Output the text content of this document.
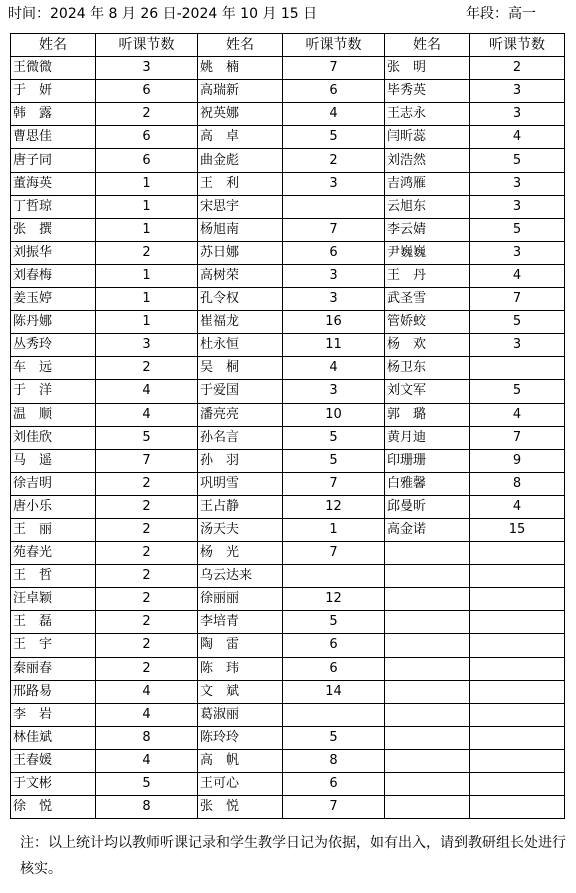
时间：2024 年 8 月 26 日-2024 年 10 月 15 日	年段：高一
姓名	听课节数	姓名	听课节数	姓名	听课节数
王微微	3	姚　楠	7	张　明	2
于　妍	6	高瑞新	6	毕秀英	3
韩　露	2	祝英娜	4	王志永	3
曹思佳	6	高　卓	5	闫昕蕊	4
唐子同	6	曲金彪	2	刘浩然	5
董海英	1	王　利	3	吉鸿雁	3
丁哲琼	1	宋思宇		云旭东	3
张　撰	1	杨旭南	7	李云婧	5
刘振华	2	苏日娜	6	尹巍巍	3
刘春梅	1	高树荣	3	王　丹	4
姜玉婷	1	孔令权	3	武圣雪	7
陈丹娜	1	崔福龙	16	管娇蛟	5
丛秀玲	3	杜永恒	11	杨　欢	3
车　远	2	吴　桐	4	杨卫东	
于　洋	4	于爱国	3	刘文军	5
温　顺	4	潘亮亮	10	郭　璐	4
刘佳欣	5	孙名言	5	黄月迪	7
马　遥	7	孙　羽	5	印珊珊	9
徐吉明	2	巩明雪	7	白雅馨	8
唐小乐	2	王占静	12	邱曼昕	4
王　丽	2	汤天夫	1	高金诺	15
苑春光	2	杨　光	7		
王　哲	2	乌云达来			
汪卓颖	2	徐丽丽	12		
王　磊	2	李培青	5		
王　宇	2	陶　雷	6		
秦丽春	2	陈　玮	6		
邢路易	4	文　斌	14		
李　岩	4	葛淑丽			
林佳斌	8	陈玲玲	5		
王春媛	4	高　帆	8		
于文彬	5	王可心	6		
徐　悦	8	张　悦	7		
注：以上统计均以教师听课记录和学生教学日记为依据，如有出入，请到教研组长处进行核实。
